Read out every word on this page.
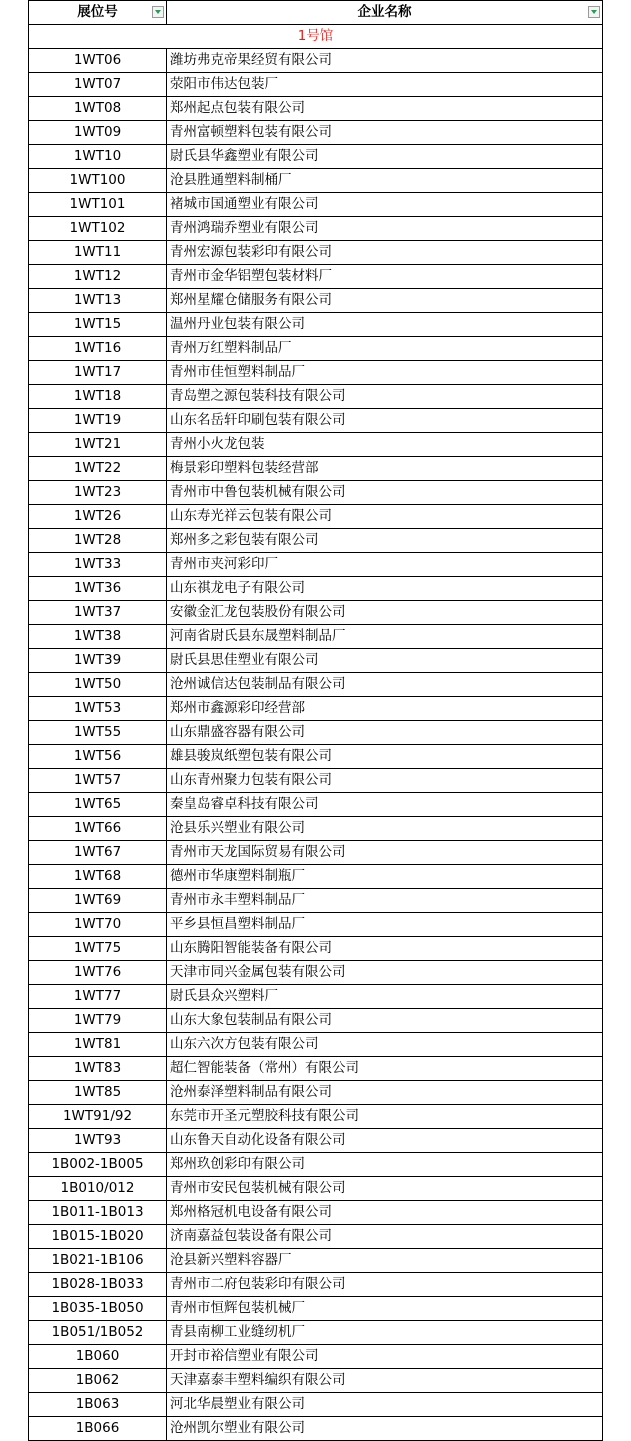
展位号	企业名称

1号馆	
1WT06	潍坊弗克帝果经贸有限公司
1WT07	荥阳市伟达包装厂
1WT08	郑州起点包装有限公司
1WT09	青州富顿塑料包装有限公司
1WT10	尉氏县华鑫塑业有限公司
1WT100	沧县胜通塑料制桶厂
1WT101	褚城市国通塑业有限公司
1WT102	青州鸿瑞乔塑业有限公司
1WT11	青州宏源包装彩印有限公司
1WT12	青州市金华铝塑包装材料厂
1WT13	郑州星耀仓储服务有限公司
1WT15	温州丹业包装有限公司
1WT16	青州万红塑料制品厂
1WT17	青州市佳恒塑料制品厂
1WT18	青岛塑之源包装科技有限公司
1WT19	山东名岳轩印刷包装有限公司
1WT21	青州小火龙包装
1WT22	梅景彩印塑料包装经营部
1WT23	青州市中鲁包装机械有限公司
1WT26	山东寿光祥云包装有限公司
1WT28	郑州多之彩包装有限公司
1WT33	青州市夹河彩印厂
1WT36	山东祺龙电子有限公司
1WT37	安徽金汇龙包装股份有限公司
1WT38	河南省尉氏县东晟塑料制品厂
1WT39	尉氏县思佳塑业有限公司
1WT50	沧州诚信达包装制品有限公司
1WT53	郑州市鑫源彩印经营部
1WT55	山东鼎盛容器有限公司
1WT56	雄县骏岚纸塑包装有限公司
1WT57	山东青州聚力包装有限公司
1WT65	秦皇岛睿卓科技有限公司
1WT66	沧县乐兴塑业有限公司
1WT67	青州市天龙国际贸易有限公司
1WT68	德州市华康塑料制瓶厂
1WT69	青州市永丰塑料制品厂
1WT70	平乡县恒昌塑料制品厂
1WT75	山东腾阳智能装备有限公司
1WT76	天津市同兴金属包装有限公司
1WT77	尉氏县众兴塑料厂
1WT79	山东大象包装制品有限公司
1WT81	山东六次方包装有限公司
1WT83	超仁智能装备（常州）有限公司
1WT85	沧州泰泽塑料制品有限公司
1WT91/92	东莞市开圣元塑胶科技有限公司
1WT93	山东鲁天自动化设备有限公司
1B002-1B005	郑州玖创彩印有限公司
1B010/012	青州市安民包装机械有限公司
1B011-1B013	郑州格冠机电设备有限公司
1B015-1B020	济南嘉益包装设备有限公司
1B021-1B106	沧县新兴塑料容器厂
1B028-1B033	青州市二府包装彩印有限公司
1B035-1B050	青州市恒辉包装机械厂
1B051/1B052	青县南柳工业缝纫机厂
1B060	开封市裕信塑业有限公司
1B062	天津嘉泰丰塑料编织有限公司
1B063	河北华晨塑业有限公司
1B066	沧州凯尔塑业有限公司
